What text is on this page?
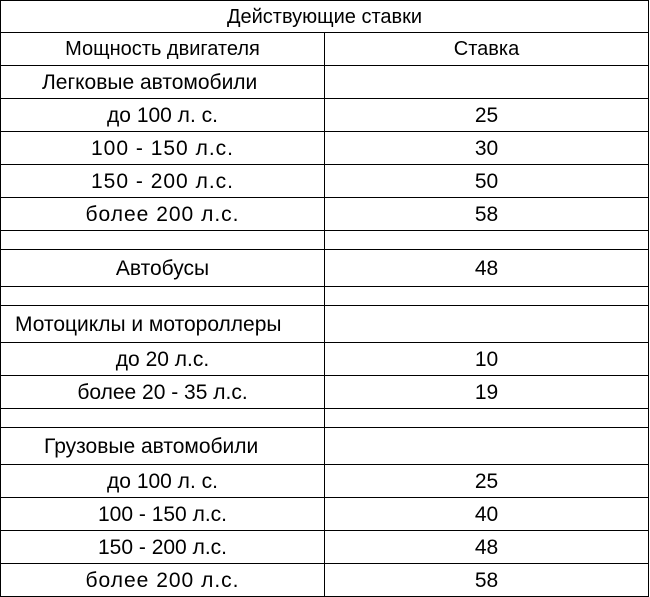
Действующие ставки	
Мощность двигателя	Ставка
Легковые автомобили	
до 100 л. с.	25
100 - 150 л.с.	30
150 - 200 л.с.	50
более 200 л.с.	58

Автобусы	48

Мотоциклы и мотороллеры	
до 20 л.с.	10
более 20 - 35 л.с.	19

Грузовые автомобили	
до 100 л. с.	25
100 - 150 л.с.	40
150 - 200 л.с.	48
более 200 л.с.	58
